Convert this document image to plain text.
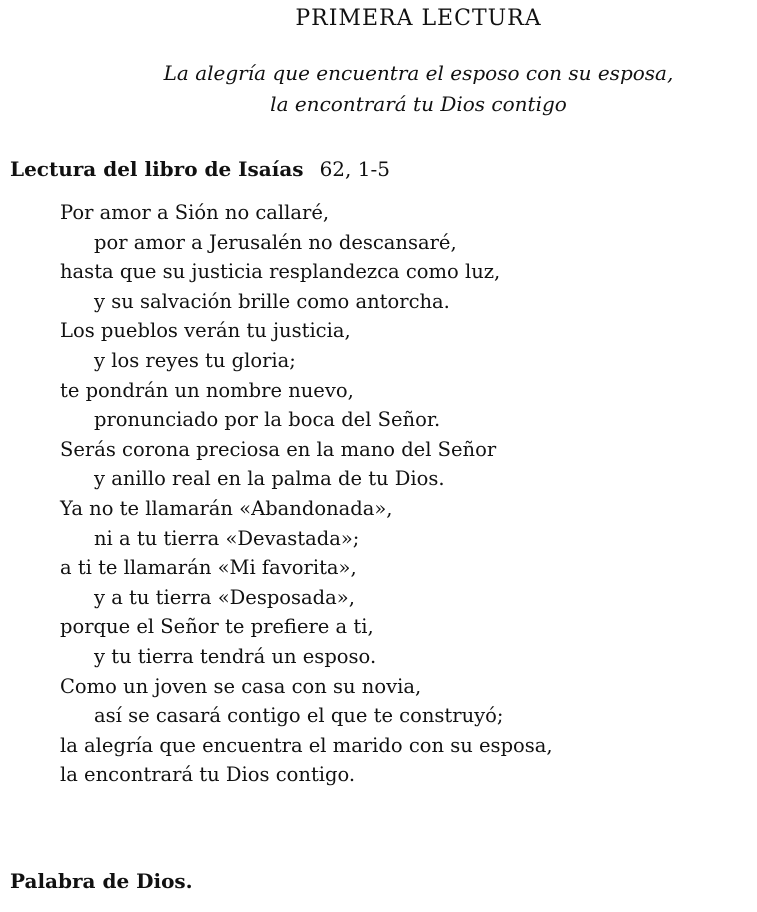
PRIMERA LECTURA
La alegría que encuentra el esposo con su esposa,
la encontrará tu Dios contigo
Lectura del libro de Isaías 62, 1-5
Por amor a Sión no callaré,
por amor a Jerusalén no descansaré,
hasta que su justicia resplandezca como luz,
y su salvación brille como antorcha.
Los pueblos verán tu justicia,
y los reyes tu gloria;
te pondrán un nombre nuevo,
pronunciado por la boca del Señor.
Serás corona preciosa en la mano del Señor
y anillo real en la palma de tu Dios.
Ya no te llamarán «Abandonada»,
ni a tu tierra «Devastada»;
a ti te llamarán «Mi favorita»,
y a tu tierra «Desposada»,
porque el Señor te prefiere a ti,
y tu tierra tendrá un esposo.
Como un joven se casa con su novia,
así se casará contigo el que te construyó;
la alegría que encuentra el marido con su esposa,
la encontrará tu Dios contigo.
Palabra de Dios.
